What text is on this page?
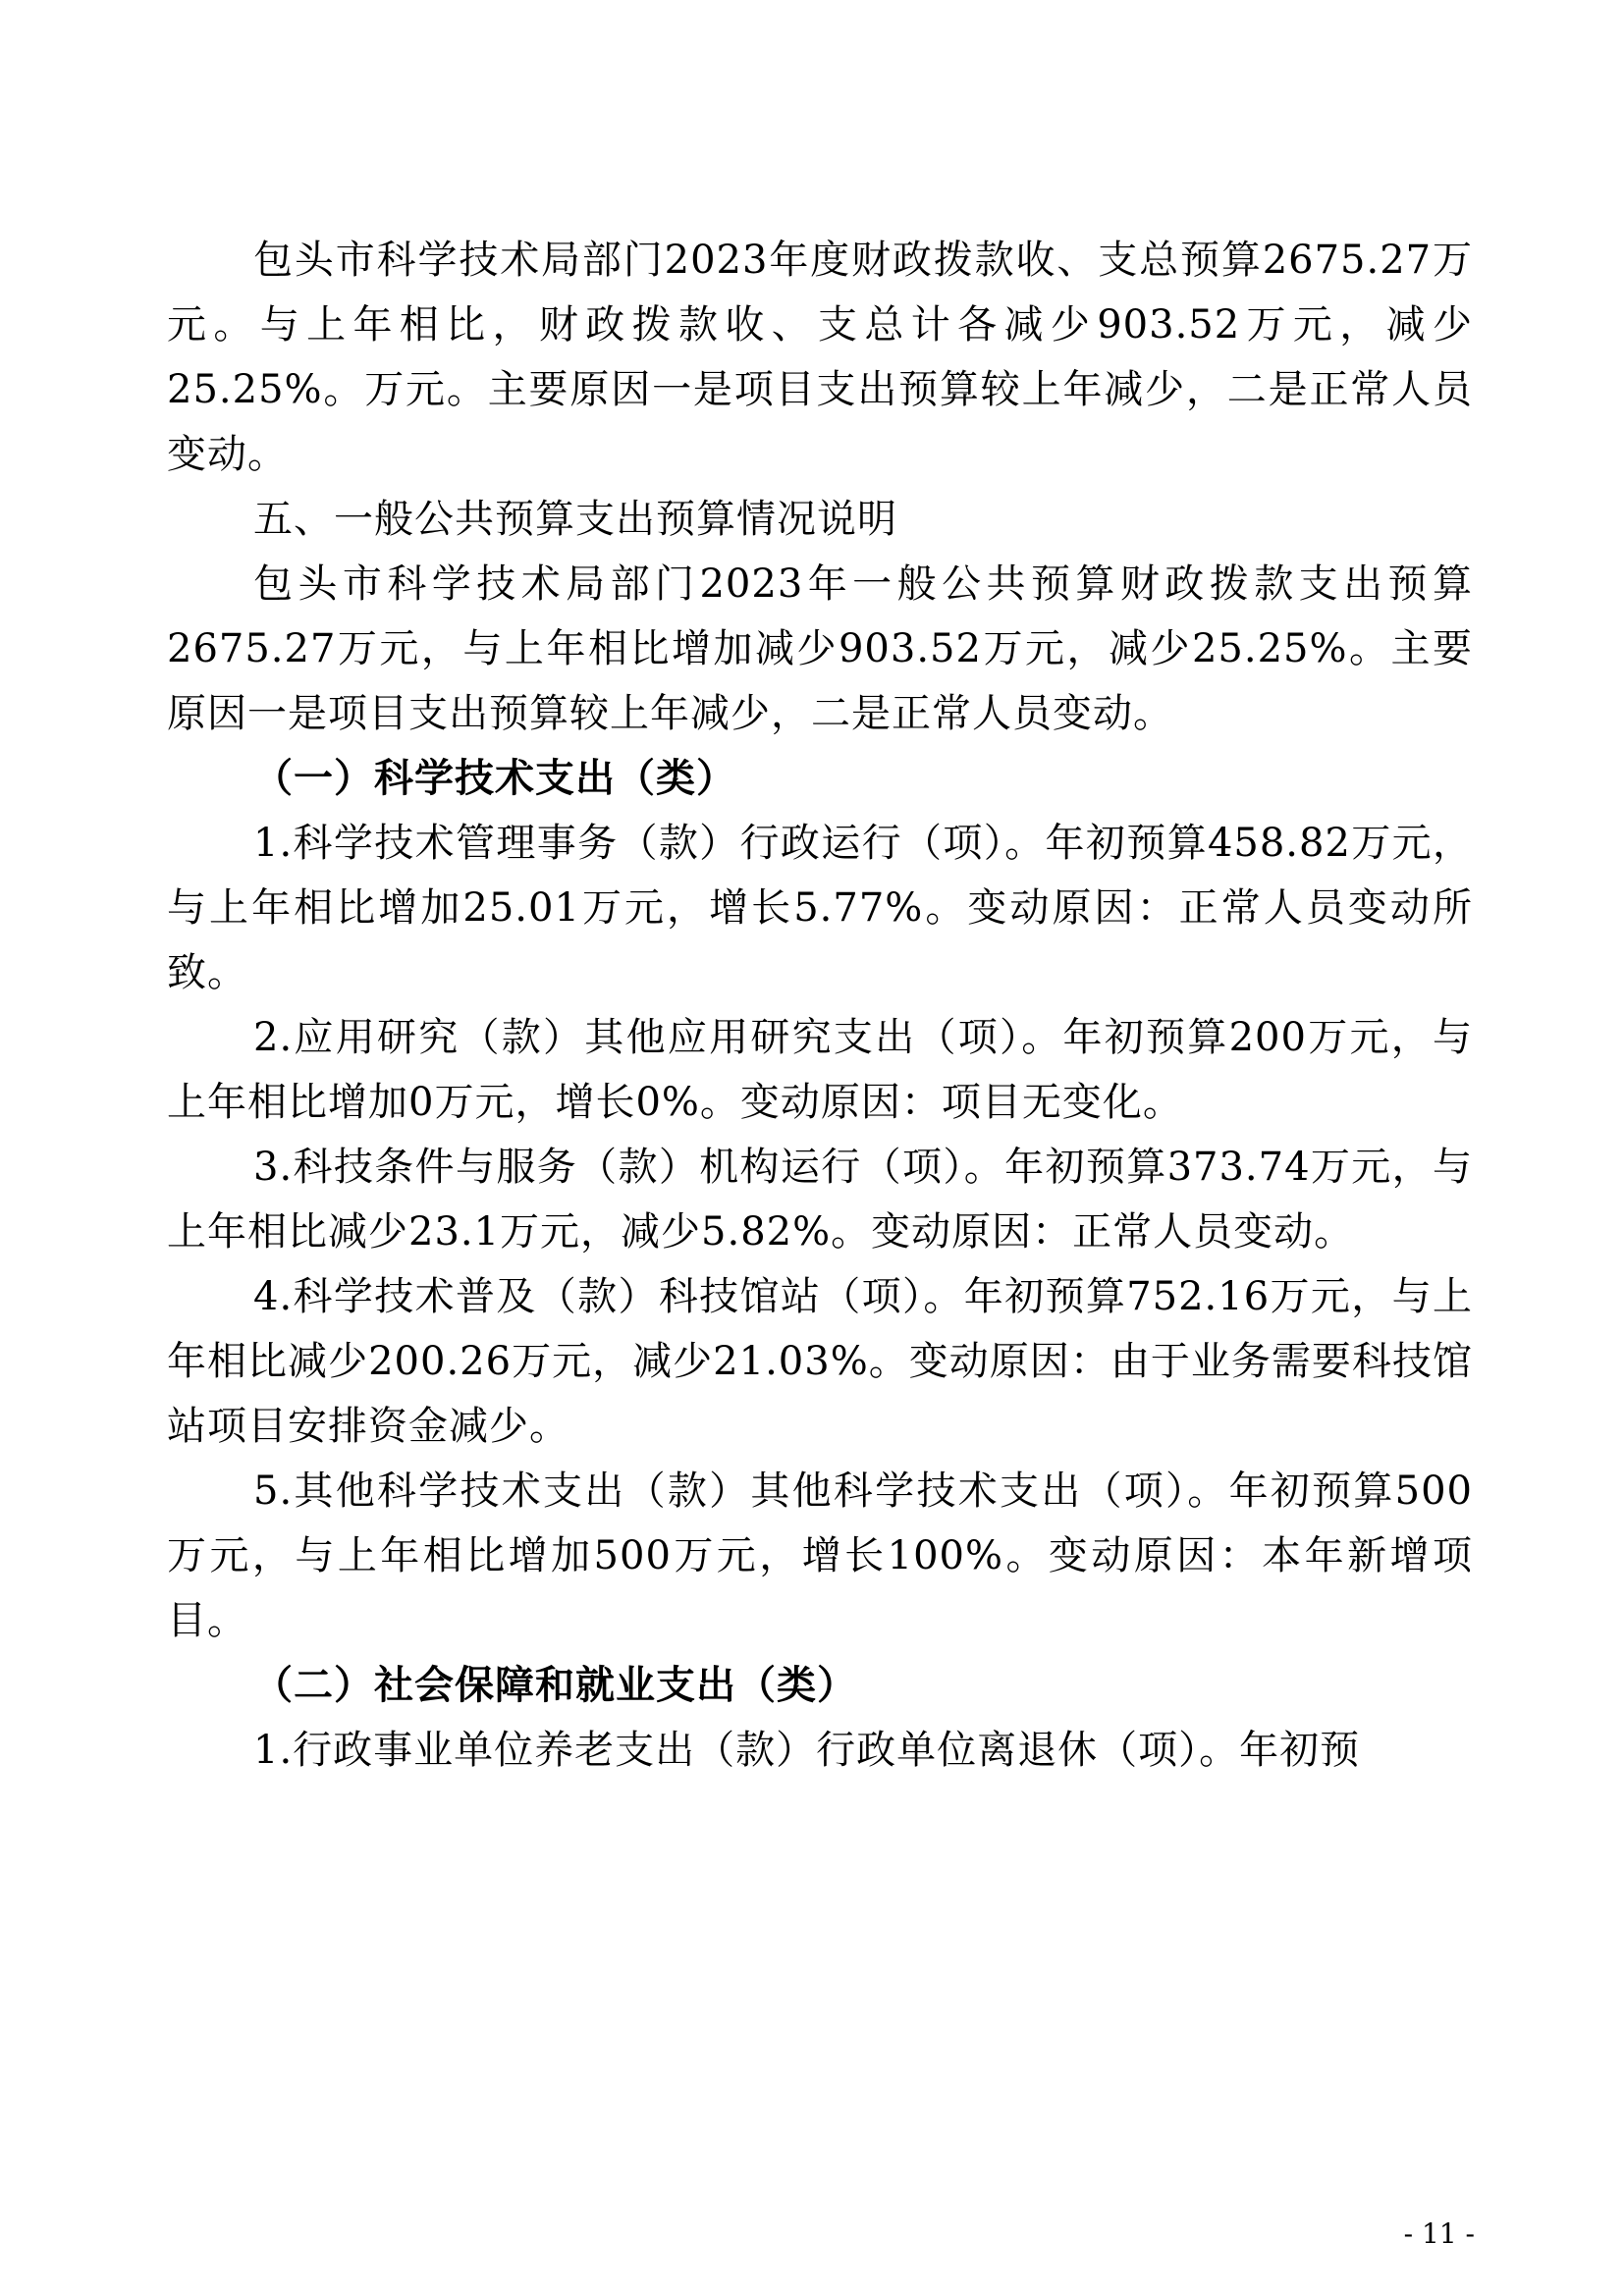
包头市科学技术局部门2023年度财政拨款收、支总预算2675.27万元。与上年相比，财政拨款收、支总计各减少903.52万元，减少25.25%。万元。主要原因一是项目支出预算较上年减少，二是正常人员变动。

五、一般公共预算支出预算情况说明

包头市科学技术局部门2023年一般公共预算财政拨款支出预算2675.27万元，与上年相比增加减少903.52万元，减少25.25%。主要原因一是项目支出预算较上年减少，二是正常人员变动。

（一）科学技术支出（类）

1.科学技术管理事务（款）行政运行（项）。年初预算458.82万元，与上年相比增加25.01万元，增长5.77%。变动原因：正常人员变动所致。

2.应用研究（款）其他应用研究支出（项）。年初预算200万元，与上年相比增加0万元，增长0%。变动原因：项目无变化。

3.科技条件与服务（款）机构运行（项）。年初预算373.74万元，与上年相比减少23.1万元，减少5.82%。变动原因：正常人员变动。

4.科学技术普及（款）科技馆站（项）。年初预算752.16万元，与上年相比减少200.26万元，减少21.03%。变动原因：由于业务需要科技馆站项目安排资金减少。

5.其他科学技术支出（款）其他科学技术支出（项）。年初预算500万元，与上年相比增加500万元，增长100%。变动原因：本年新增项目。

（二）社会保障和就业支出（类）

1.行政事业单位养老支出（款）行政单位离退休（项）。年初预

- 11 -
